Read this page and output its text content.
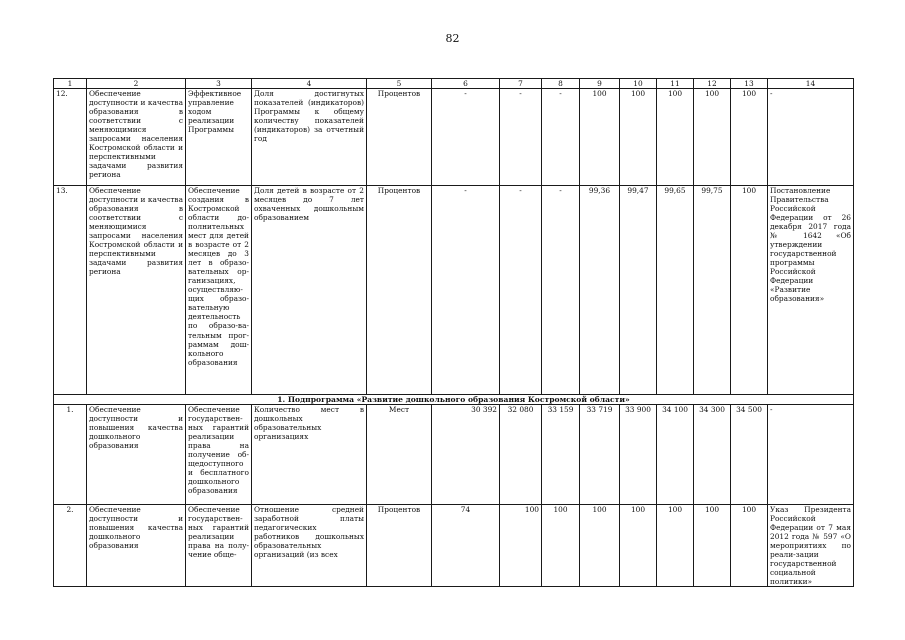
82
1	2	3	4	5	6	7	8	9	10	11	12	13	14
12.	Обеспечение доступности и качества образования в соответствии с меняющимися запросами населения Костромской области и перспективными задачами развития региона	Эффективное управление ходом реализации Программы	Доля достигнутых показателей (индикаторов) Программы к общему количеству показателей (индикаторов) за отчетный год	Процентов	-	-	-	100	100	100	100	100	-
13.	Обеспечение доступности и качества образования в соответствии с меняющимися запросами населения Костромской области и перспективными задачами развития региона	Обеспечение создания в Костромской области до-полнительных мест для детей в возрасте от 2 месяцев до 3 лет в образо-вательных ор-ганизациях, осуществляю-щих образо-вательную деятельность по образо-ва-тельным прог-раммам дош-кольного образования	Доля детей в возрасте от 2 месяцев до 7 лет охваченных дошкольным образованием	Процентов	-	-	-	99,36	99,47	99,65	99,75	100	Постановление Правительства Российской Федерации от 26 декабря 2017 года № 1642 «Об утверждении государственной программы Российской Федерации «Развитие образования»
1. Подпрограмма «Развитие дошкольного образования Костромской области»													
1.	Обеспечение доступности и повышения качества дошкольного образования	Обеспечение государствен-ных гарантий реализации права на получение об-щедоступного и бесплатного дошкольного образования	Количество мест в дошкольных образовательных организациях	Мест	30 392	32 080	33 159	33 719	33 900	34 100	34 300	34 500	-
2.	Обеспечение доступности и повышения качества дошкольного образования	Обеспечение государствен-ных гарантий реализации права на полу-чение обще-	Отношение средней заработной платы педагогических работников дошкольных образовательных организаций (из всех	Процентов	74	100	100	100	100	100	100	100	Указ Президента Российской Федерации от 7 мая 2012 года № 597 «О мероприятиях по реали-зации государственной социальной политики»
